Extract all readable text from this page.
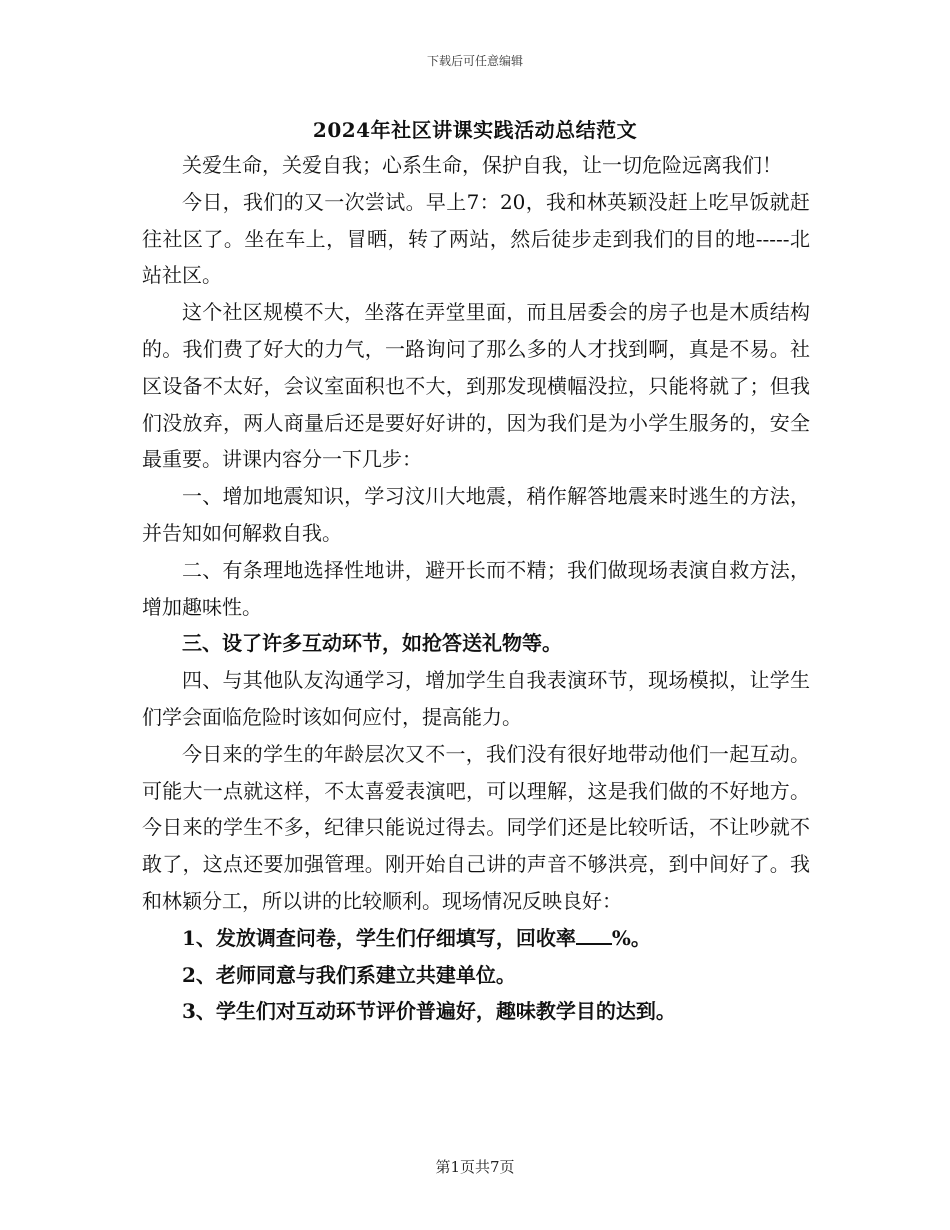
下载后可任意编辑
2024年社区讲课实践活动总结范文

关爱生命，关爱自我；心系生命，保护自我，让一切危险远离我们！

今日，我们的又一次尝试。早上7：20，我和林英颖没赶上吃早饭就赶往社区了。坐在车上，冒晒，转了两站，然后徒步走到我们的目的地-----北站社区。

这个社区规模不大，坐落在弄堂里面，而且居委会的房子也是木质结构的。我们费了好大的力气，一路询问了那么多的人才找到啊，真是不易。社区设备不太好，会议室面积也不大，到那发现横幅没拉，只能将就了；但我们没放弃，两人商量后还是要好好讲的，因为我们是为小学生服务的，安全最重要。讲课内容分一下几步：

一、增加地震知识，学习汶川大地震，稍作解答地震来时逃生的方法，并告知如何解救自我。

二、有条理地选择性地讲，避开长而不精；我们做现场表演自救方法，增加趣味性。

三、设了许多互动环节，如抢答送礼物等。

四、与其他队友沟通学习，增加学生自我表演环节，现场模拟，让学生们学会面临危险时该如何应付，提高能力。

今日来的学生的年龄层次又不一，我们没有很好地带动他们一起互动。可能大一点就这样，不太喜爱表演吧，可以理解，这是我们做的不好地方。今日来的学生不多，纪律只能说过得去。同学们还是比较听话，不让吵就不敢了，这点还要加强管理。刚开始自己讲的声音不够洪亮，到中间好了。我和林颖分工，所以讲的比较顺利。现场情况反映良好：

1、发放调查问卷，学生们仔细填写，回收率 %。

2、老师同意与我们系建立共建单位。

3、学生们对互动环节评价普遍好，趣味教学目的达到。

第1页共7页
